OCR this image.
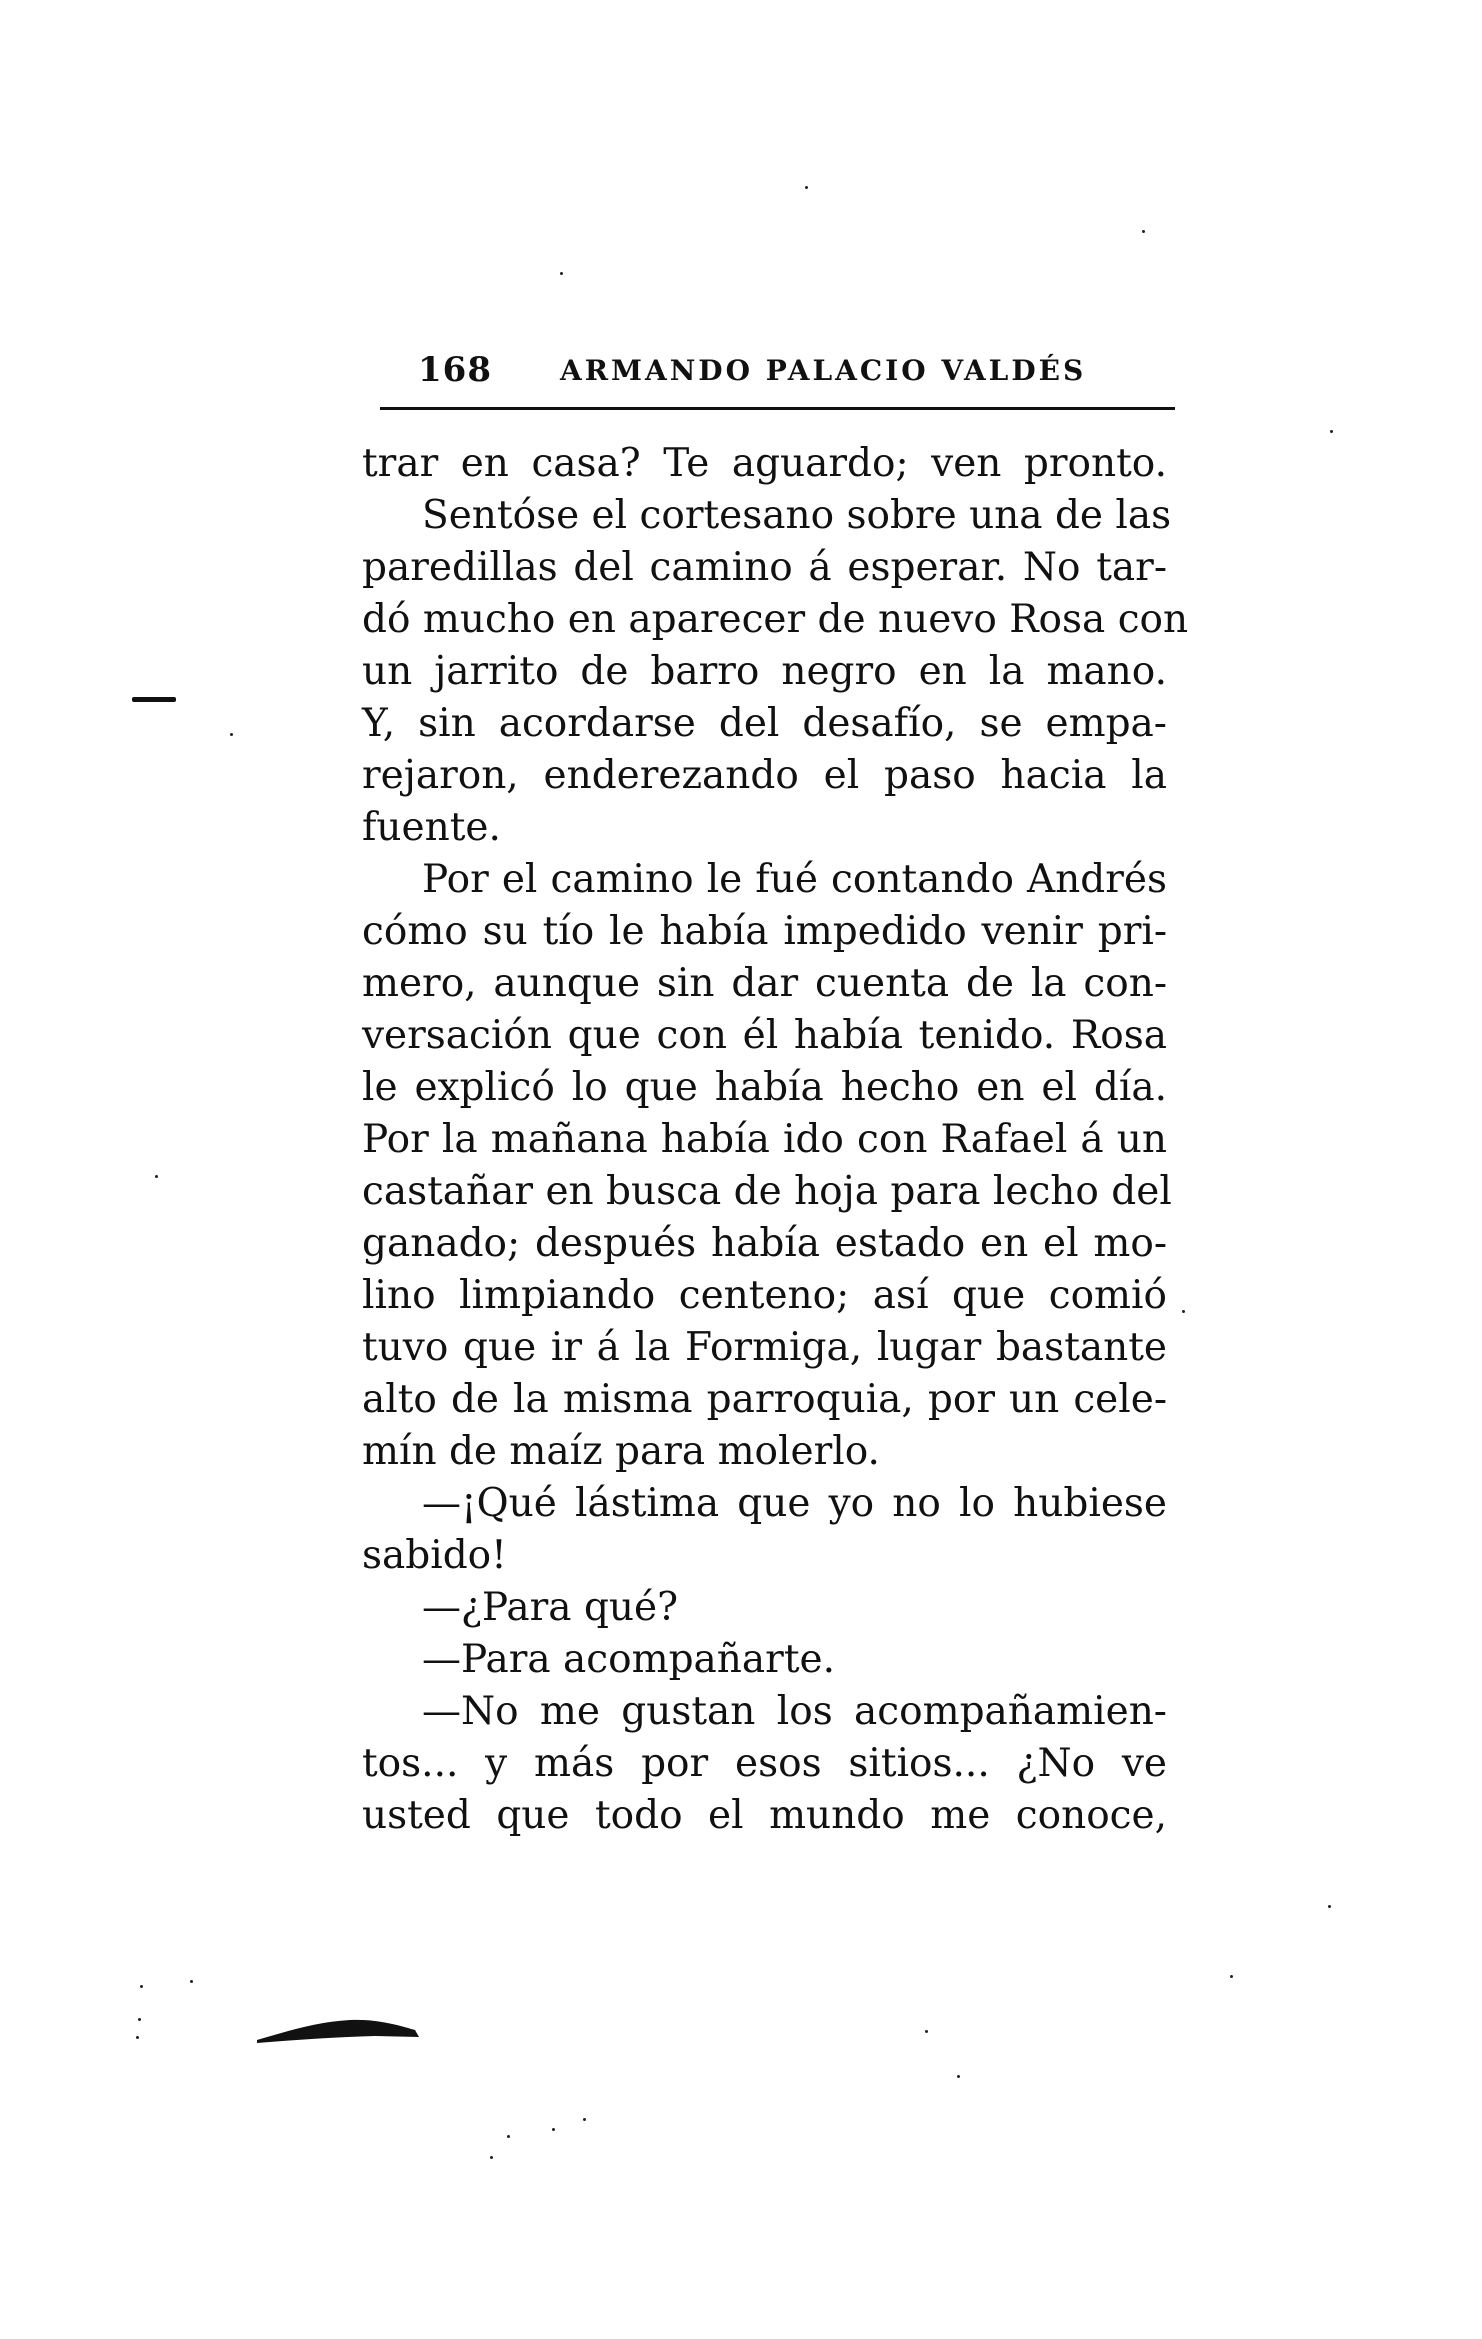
168 ARMANDO PALACIO VALDÉS
trar en casa? Te aguardo; ven pronto.
Sentóse el cortesano sobre una de las
paredillas del camino á esperar. No tar-
dó mucho en aparecer de nuevo Rosa con
un jarrito de barro negro en la mano.
Y, sin acordarse del desafío, se empa-
rejaron, enderezando el paso hacia la
fuente.
Por el camino le fué contando Andrés
cómo su tío le había impedido venir pri-
mero, aunque sin dar cuenta de la con-
versación que con él había tenido. Rosa
le explicó lo que había hecho en el día.
Por la mañana había ido con Rafael á un
castañar en busca de hoja para lecho del
ganado; después había estado en el mo-
lino limpiando centeno; así que comió
tuvo que ir á la Formiga, lugar bastante
alto de la misma parroquia, por un cele-
mín de maíz para molerlo.
—¡Qué lástima que yo no lo hubiese
sabido!
—¿Para qué?
—Para acompañarte.
—No me gustan los acompañamien-
tos... y más por esos sitios... ¿No ve
usted que todo el mundo me conoce,
